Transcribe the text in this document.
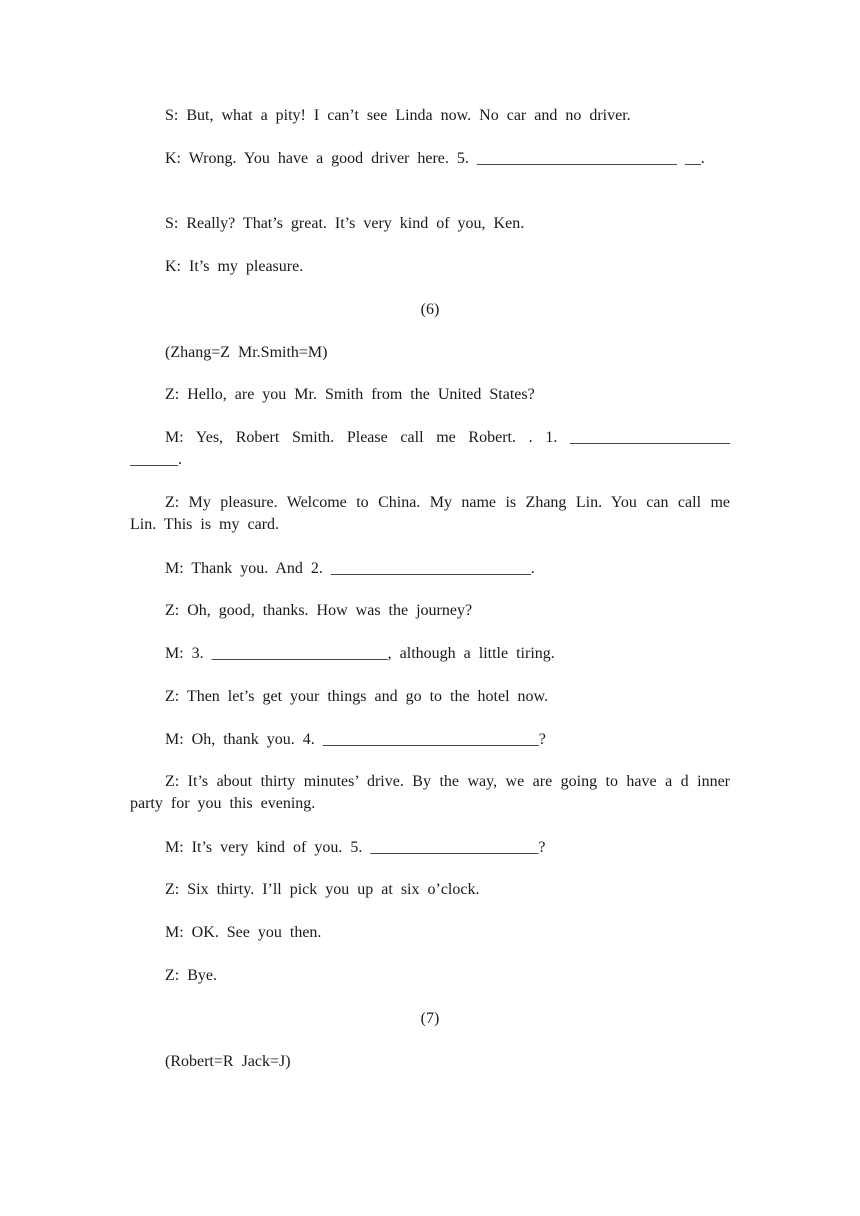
S: But, what a pity! I can’t see Linda now. No car and no driver.
K: Wrong. You have a good driver here. 5. _________________________ __.
S: Really? That’s great. It’s very kind of you, Ken.
K: It’s my pleasure.
(6)
(Zhang=Z Mr.Smith=M)
Z: Hello, are you Mr. Smith from the United States?
M: Yes, Robert Smith. Please call me Robert. . 1. ____________________ ______.
Z: My pleasure. Welcome to China. My name is Zhang Lin. You can call me Lin. This is my card.
M: Thank you. And 2. _________________________.
Z: Oh, good, thanks. How was the journey?
M: 3. ______________________, although a little tiring.
Z: Then let’s get your things and go to the hotel now.
M: Oh, thank you. 4. ___________________________?
Z: It’s about thirty minutes’ drive. By the way, we are going to have a d inner party for you this evening.
M: It’s very kind of you. 5. _____________________?
Z: Six thirty. I’ll pick you up at six o’clock.
M: OK. See you then.
Z: Bye.
(7)
(Robert=R Jack=J)
